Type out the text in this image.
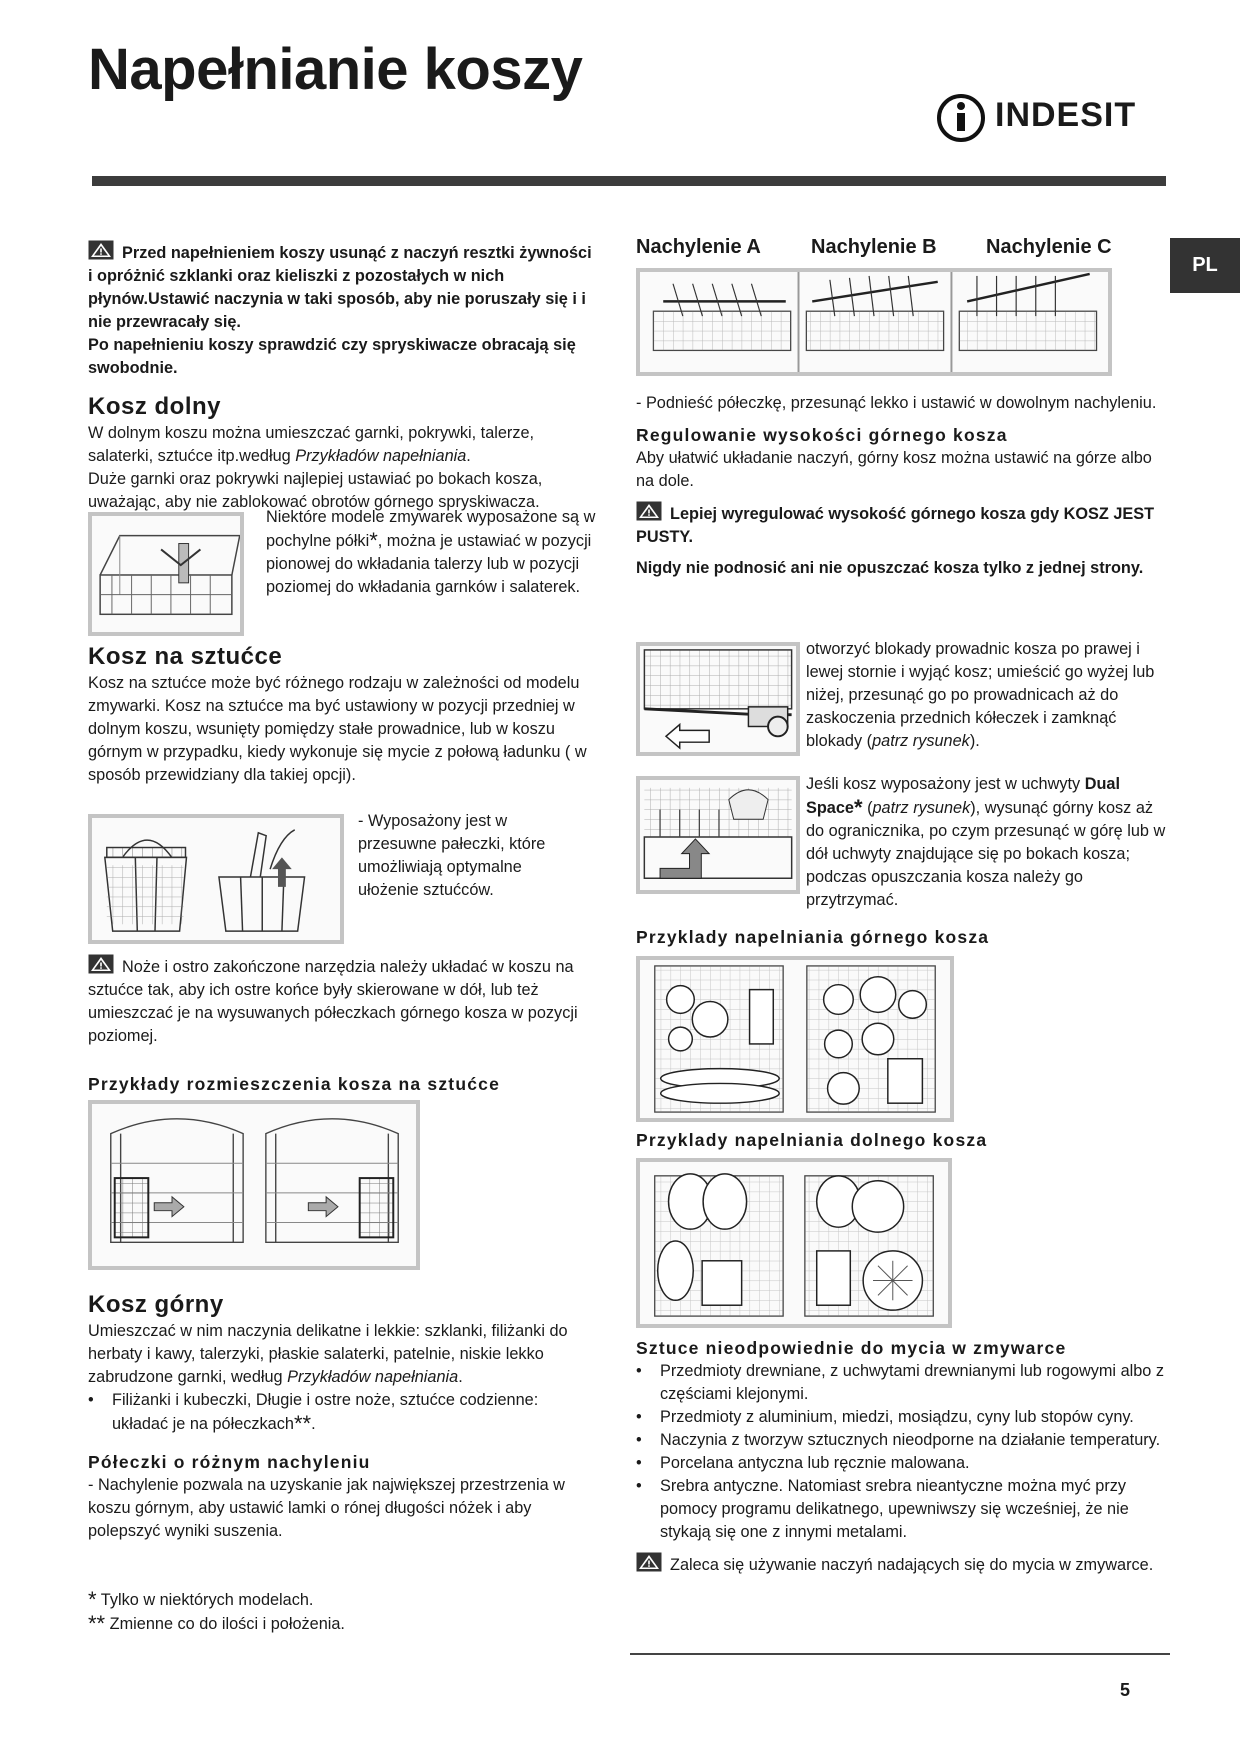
Napełnianie koszy
INDESIT
PL

Przed napełnieniem koszy usunąć z naczyń resztki żywności i opróżnić szklanki oraz kieliszki z pozostałych w nich płynów.Ustawić naczynia w taki sposób, aby nie poruszały się i i nie przewracały się.

Po napełnieniu koszy sprawdzić czy spryskiwacze obracają się swobodnie.

Kosz dolny

W dolnym koszu można umieszczać garnki, pokrywki, talerze, salaterki, sztućce itp.według Przykładów napełniania.

Duże garnki oraz pokrywki najlepiej ustawiać po bokach kosza, uważając, aby nie zablokować obrotów górnego spryskiwacza.

Niektóre modele zmywarek wyposażone są w pochylne półki*, można je ustawiać w pozycji pionowej do wkładania talerzy lub w pozycji poziomej do wkładania garnków i salaterek.

Kosz na sztućce

Kosz na sztućce może być różnego rodzaju w zależności od modelu zmywarki. Kosz na sztućce ma być ustawiony w pozycji przedniej w dolnym koszu, wsunięty pomiędzy stałe prowadnice, lub w koszu górnym w przypadku, kiedy wykonuje się mycie z połową ładunku ( w sposób przewidziany dla takiej opcji).

- Wyposażony jest w przesuwne pałeczki, które umożliwiają optymalne ułożenie sztućców.

Noże i ostro zakończone narzędzia należy układać w koszu na sztućce tak, aby ich ostre końce były skierowane w dół, lub też umieszczać je na wysuwanych półeczkach górnego kosza w pozycji poziomej.

Przykłady rozmieszczenia kosza na sztućce
Kosz górny

Umieszczać w nim naczynia delikatne i lekkie: szklanki, filiżanki do herbaty i kawy, talerzyki, płaskie salaterki, patelnie, niskie lekko zabrudzone garnki, według Przykładów napełniania.

• Filiżanki i kubeczki, Długie i ostre noże, sztućce codzienne: układać je na półeczkach**.
Półeczki o różnym nachyleniu

- Nachylenie pozwala na uzyskanie jak największej przestrzenia w koszu górnym, aby ustawić lamki o rónej długości nóżek i aby polepszyć wyniki suszenia.

* Tylko w niektórych modelach.

** Zmienne co do ilości i położenia.

Nachylenie A	Nachylenie B Nachylenie C

- Podnieść półeczkę, przesunąć lekko i ustawić w dowolnym nachyleniu.

Regulowanie wysokości górnego kosza

Aby ułatwić układanie naczyń, górny kosz można ustawić na górze albo na dole.

Lepiej wyregulować wysokość górnego kosza gdy KOSZ JEST PUSTY.

Nigdy nie podnosić ani nie opuszczać kosza tylko z jednej strony.

otworzyć blokady prowadnic kosza po prawej i lewej stornie i wyjąć kosz; umieścić go wyżej lub niżej, przesunąć go po prowadnicach aż do zaskoczenia przednich kółeczek i zamknąć blokady (patrz rysunek).

Jeśli kosz wyposażony jest w uchwyty Dual Space* (patrz rysunek), wysunąć górny kosz aż do ogranicznika, po czym przesunąć w górę lub w dół uchwyty znajdujące się po bokach kosza; podczas opuszczania kosza należy go przytrzymać.

Przyklady napelniania górnego kosza
Przyklady napelniania dolnego kosza
Sztuce nieodpowiednie do mycia w zmywarce
• Przedmioty drewniane, z uchwytami drewnianymi lub rogowymi albo z częściami klejonymi.
• Przedmioty z aluminium, miedzi, mosiądzu, cyny lub stopów cyny.
• Naczynia z tworzyw sztucznych nieodporne na działanie temperatury.
• Porcelana antyczna lub ręcznie malowana.
• Srebra antyczne. Natomiast srebra nieantyczne można myć przy pomocy programu delikatnego, upewniwszy się wcześniej, że nie stykają się one z innymi metalami.

Zaleca się używanie naczyń nadających się do mycia w zmywarce.

5
